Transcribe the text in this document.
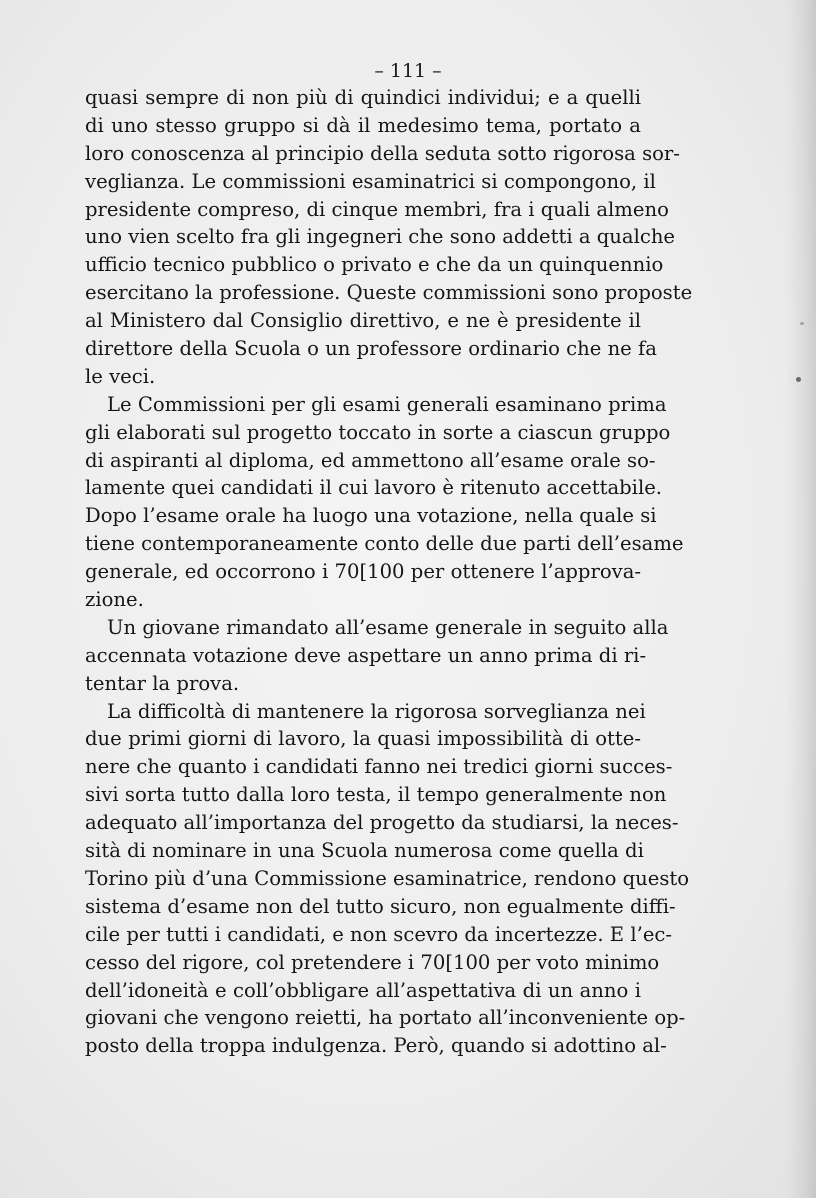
– 111 –
quasi sempre di non più di quindici individui; e a quelli
di uno stesso gruppo si dà il medesimo tema, portato a
loro conoscenza al principio della seduta sotto rigorosa sor-
veglianza. Le commissioni esaminatrici si compongono, il
presidente compreso, di cinque membri, fra i quali almeno
uno vien scelto fra gli ingegneri che sono addetti a qualche
ufficio tecnico pubblico o privato e che da un quinquennio
esercitano la professione. Queste commissioni sono proposte
al Ministero dal Consiglio direttivo, e ne è presidente il
direttore della Scuola o un professore ordinario che ne fa
le veci.
Le Commissioni per gli esami generali esaminano prima
gli elaborati sul progetto toccato in sorte a ciascun gruppo
di aspiranti al diploma, ed ammettono all’esame orale so-
lamente quei candidati il cui lavoro è ritenuto accettabile.
Dopo l’esame orale ha luogo una votazione, nella quale si
tiene contemporaneamente conto delle due parti dell’esame
generale, ed occorrono i 70[100 per ottenere l’approva-
zione.
Un giovane rimandato all’esame generale in seguito alla
accennata votazione deve aspettare un anno prima di ri-
tentar la prova.
La difficoltà di mantenere la rigorosa sorveglianza nei
due primi giorni di lavoro, la quasi impossibilità di otte-
nere che quanto i candidati fanno nei tredici giorni succes-
sivi sorta tutto dalla loro testa, il tempo generalmente non
adequato all’importanza del progetto da studiarsi, la neces-
sità di nominare in una Scuola numerosa come quella di
Torino più d’una Commissione esaminatrice, rendono questo
sistema d’esame non del tutto sicuro, non egualmente diffi-
cile per tutti i candidati, e non scevro da incertezze. E l’ec-
cesso del rigore, col pretendere i 70[100 per voto minimo
dell’idoneità e coll’obbligare all’aspettativa di un anno i
giovani che vengono reietti, ha portato all’inconveniente op-
posto della troppa indulgenza. Però, quando si adottino al-
